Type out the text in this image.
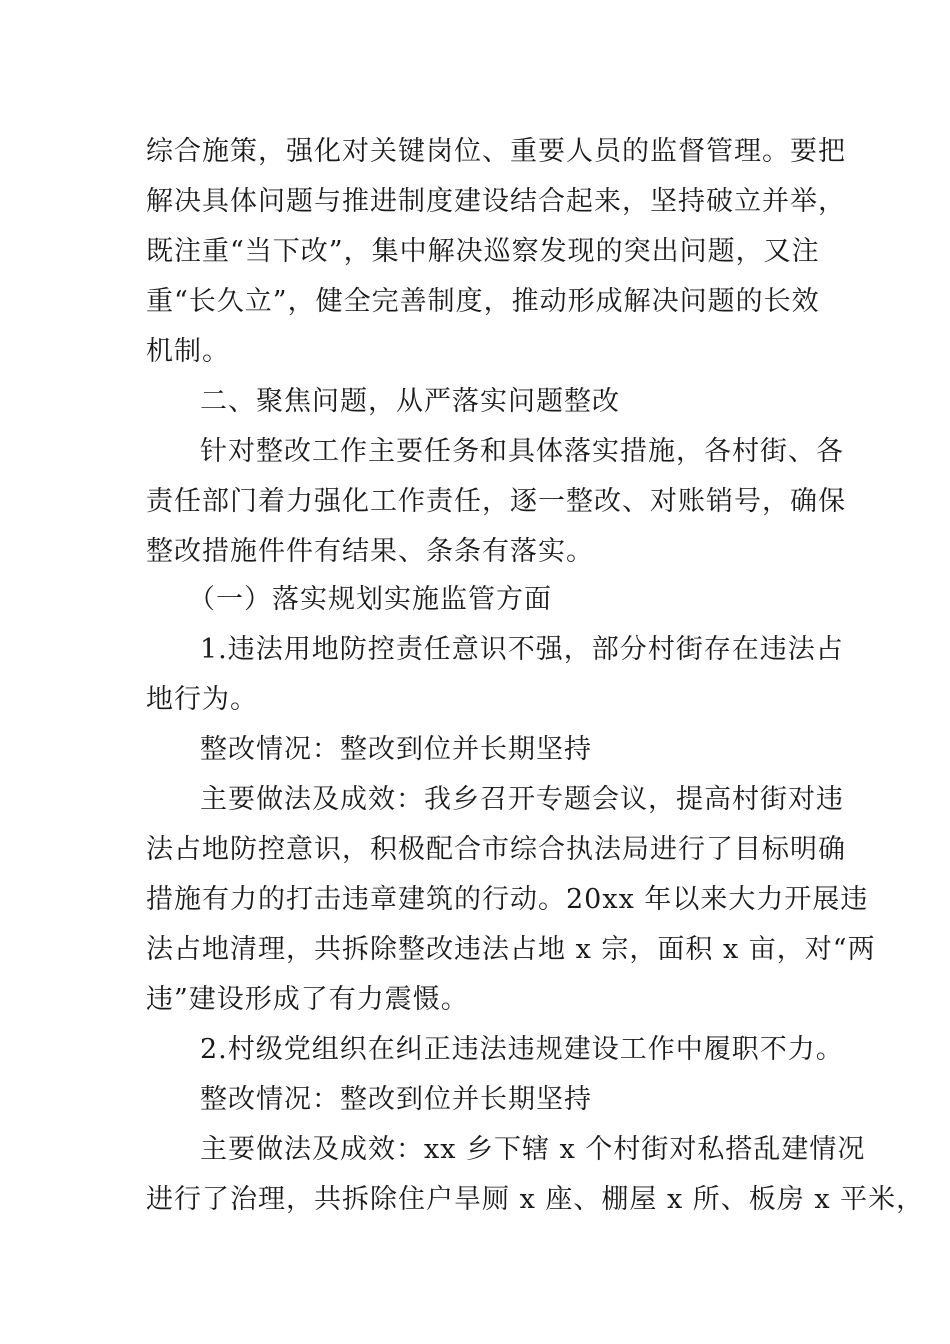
综合施策，强化对关键岗位、重要人员的监督管理。要把
解决具体问题与推进制度建设结合起来，坚持破立并举，
既注重“当下改”，集中解决巡察发现的突出问题，又注
重“长久立”，健全完善制度，推动形成解决问题的长效
机制。
二、聚焦问题，从严落实问题整改
针对整改工作主要任务和具体落实措施，各村街、各
责任部门着力强化工作责任，逐一整改、对账销号，确保
整改措施件件有结果、条条有落实。
（一）落实规划实施监管方面
1.违法用地防控责任意识不强，部分村街存在违法占
地行为。
整改情况：整改到位并长期坚持
主要做法及成效：我乡召开专题会议，提高村街对违
法占地防控意识，积极配合市综合执法局进行了目标明确
措施有力的打击违章建筑的行动。20xx 年以来大力开展违
法占地清理，共拆除整改违法占地 x 宗，面积 x 亩，对“两
违”建设形成了有力震慑。
2.村级党组织在纠正违法违规建设工作中履职不力。
整改情况：整改到位并长期坚持
主要做法及成效：xx 乡下辖 x 个村街对私搭乱建情况
进行了治理，共拆除住户旱厕 x 座、棚屋 x 所、板房 x 平米，
